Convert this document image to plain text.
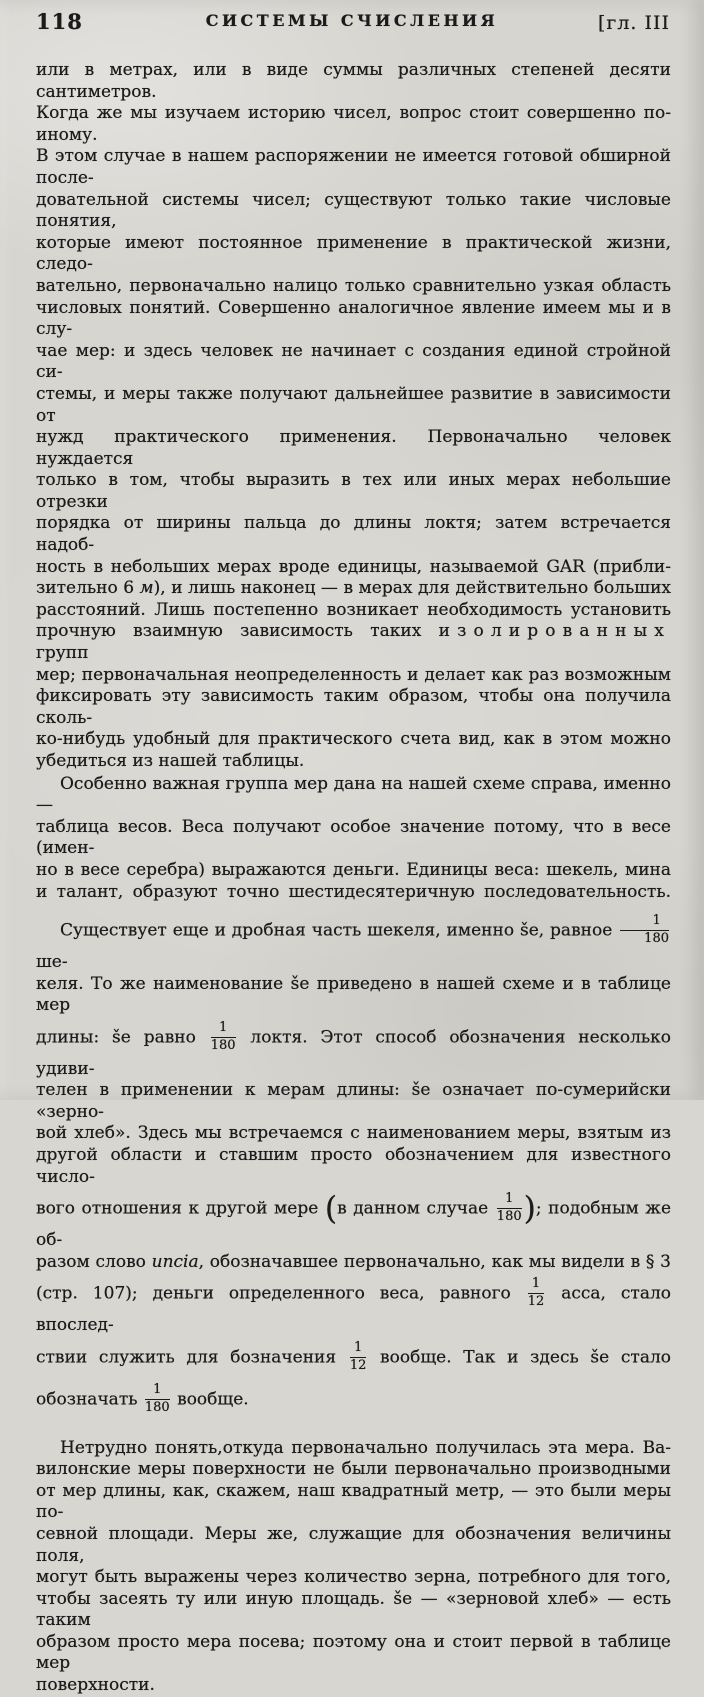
118	СИСТЕМЫ СЧИСЛЕНИЯ	[гл. III
или в метрах, или в виде суммы различных степеней десяти сантиметров.
Когда же мы изучаем историю чисел, вопрос стоит совершенно по-иному.
В этом случае в нашем распоряжении не имеется готовой обширной после-
довательной системы чисел; существуют только такие числовые понятия,
которые имеют постоянное применение в практической жизни, следо-
вательно, первоначально налицо только сравнительно узкая область
числовых понятий. Совершенно аналогичное явление имеем мы и в слу-
чае мер: и здесь человек не начинает с создания единой стройной си-
стемы, и меры также получают дальнейшее развитие в зависимости от
нужд практического применения. Первоначально человек нуждается
только в том, чтобы выразить в тех или иных мерах небольшие отрезки
порядка от ширины пальца до длины локтя; затем встречается надоб-
ность в небольших мерах вроде единицы, называемой GAR (прибли-
зительно 6 м), и лишь наконец — в мерах для действительно больших
расстояний. Лишь постепенно возникает необходимость установить
прочную взаимную зависимость таких изолированных групп
мер; первоначальная неопределенность и делает как раз возможным
фиксировать эту зависимость таким образом, чтобы она получила сколь-
ко-нибудь удобный для практического счета вид, как в этом можно
убедиться из нашей таблицы.
Особенно важная группа мер дана на нашей схеме справа, именно—
таблица весов. Веса получают особое значение потому, что в весе (имен-
но в весе серебра) выражаются деньги. Единицы веса: шекель, мина
и талант, образуют точно шестидесятеричную последовательность.
Существует еще и дробная часть шекеля, именно še, равное $\frac{1}{180}$
ше-
келя. То же наименование še приведено в нашей схеме и в таблице мер
длины: še равно $\frac{1}{180}$ локтя. Этот способ обозначения несколько удиви-
телен в применении к мерам длины: še означает по-сумерийски «зерно-
вой хлеб». Здесь мы встречаемся с наименованием меры, взятым из
другой области и ставшим просто обозначением для известного число-
вого отношения к другой мере (в данном случае $\frac{1}{180}$ ); подобным же об-
разом слово uncia, обозначавшее первоначально, как мы видели в § 3
(стр. 107); деньги определенного веса, равного $\frac{1}{12}$ асса, стало впослед-
ствии служить для бозначения $\frac{1}{12}$ вообще. Так и здесь še стало
обозначать $\frac{1}{180}$ вообще.
Нетрудно понять,откуда первоначально получилась эта мера. Ва-
вилонские меры поверхности не были первоначально производными
от мер длины, как, скажем, наш квадратный метр, — это были меры по-
севной площади. Меры же, служащие для обозначения величины поля,
могут быть выражены через количество зерна, потребного для того,
чтобы засеять ту или иную площадь. še — «зерновой хлеб» — есть таким
образом просто мера посева; поэтому она и стоит первой в таблице мер
поверхности.
